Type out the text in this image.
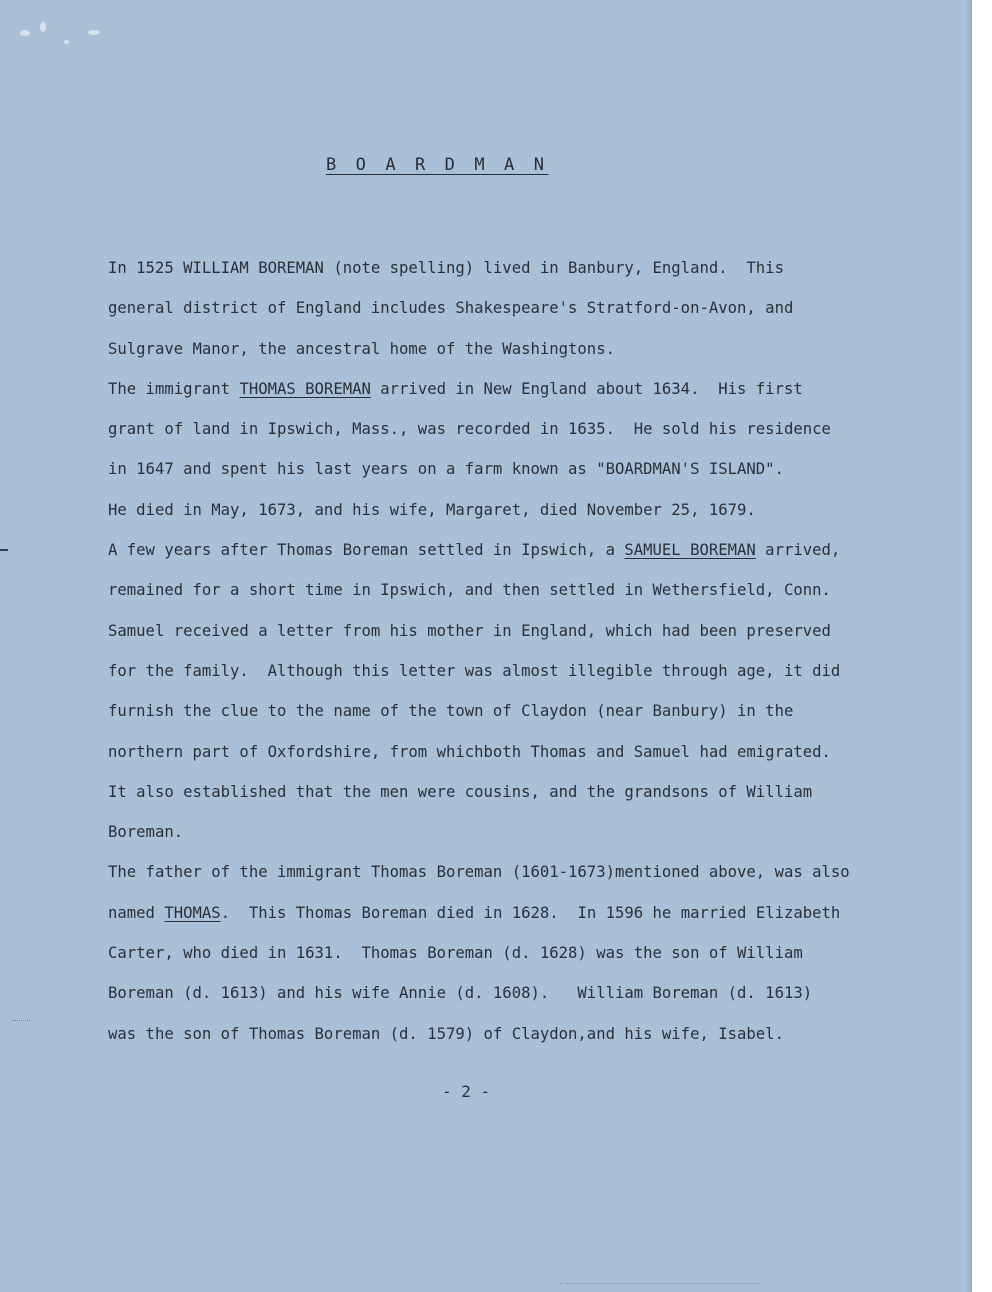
B O A R D M A N
In 1525 WILLIAM BOREMAN (note spelling) lived in Banbury, England.  This
general district of England includes Shakespeare's Stratford-on-Avon, and
Sulgrave Manor, the ancestral home of the Washingtons.
The immigrant THOMAS BOREMAN arrived in New England about 1634.  His first
grant of land in Ipswich, Mass., was recorded in 1635.  He sold his residence
in 1647 and spent his last years on a farm known as "BOARDMAN'S ISLAND".
He died in May, 1673, and his wife, Margaret, died November 25, 1679.
A few years after Thomas Boreman settled in Ipswich, a SAMUEL BOREMAN arrived,
remained for a short time in Ipswich, and then settled in Wethersfield, Conn.
Samuel received a letter from his mother in England, which had been preserved
for the family.  Although this letter was almost illegible through age, it did
furnish the clue to the name of the town of Claydon (near Banbury) in the
northern part of Oxfordshire, from whichboth Thomas and Samuel had emigrated.
It also established that the men were cousins, and the grandsons of William
Boreman.
The father of the immigrant Thomas Boreman (1601-1673)mentioned above, was also
named THOMAS.  This Thomas Boreman died in 1628.  In 1596 he married Elizabeth
Carter, who died in 1631.  Thomas Boreman (d. 1628) was the son of William
Boreman (d. 1613) and his wife Annie (d. 1608).   William Boreman (d. 1613)
was the son of Thomas Boreman (d. 1579) of Claydon,and his wife, Isabel.
- 2 -
